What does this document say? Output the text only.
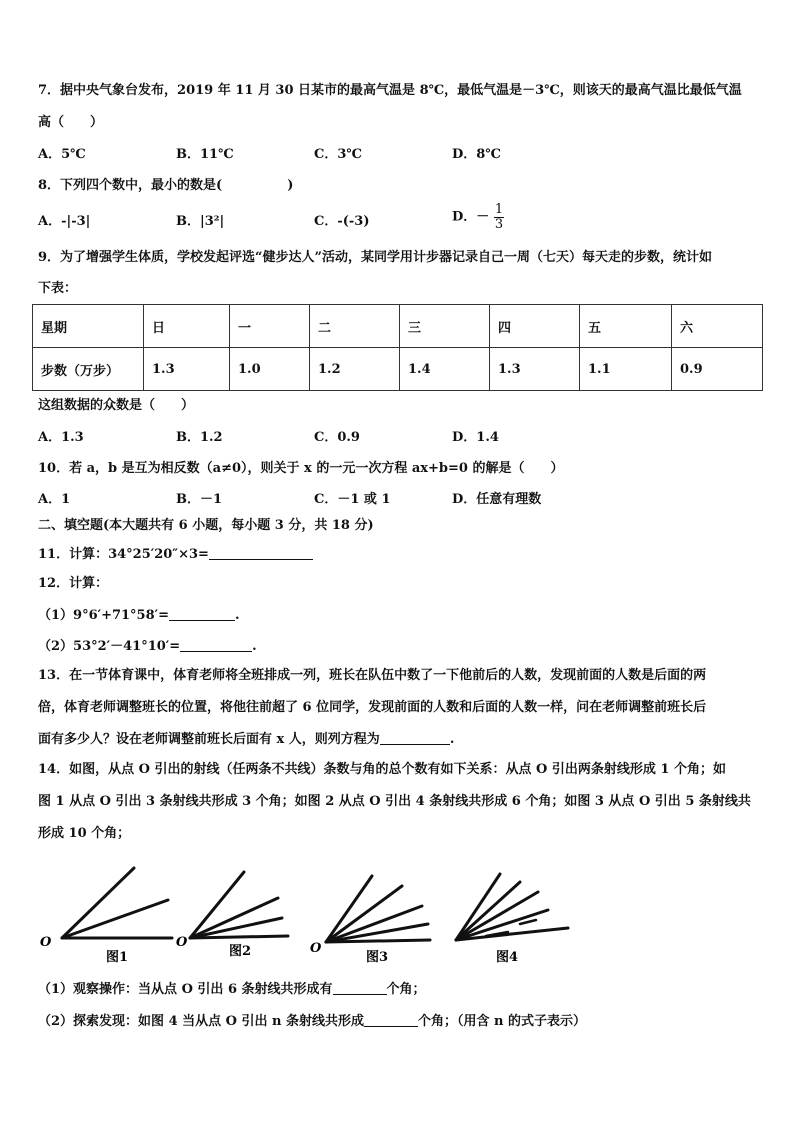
7．据中央气象台发布，2019 年 11 月 30 日某市的最高气温是 8℃，最低气温是－3℃，则该天的最高气温比最低气温
高（　　）
A．5℃	B．11℃	C．3℃	D．8℃
8．下列四个数中，最小的数是(　　　　　)
A．-|-3|	B．|3²|	C．-(-3)	D．－ $\frac{1}{3}$
9．为了增强学生体质，学校发起评选“健步达人”活动，某同学用计步器记录自己一周（七天）每天走的步数，统计如
下表：
星期	日	一	二	三	四	五	六
步数（万步）	1.3	1.0	1.2	1.4	1.3	1.1	0.9
这组数据的众数是（　　）
A．1.3	B．1.2	C．0.9	D．1.4
10．若 a，b 是互为相反数（a≠0），则关于 x 的一元一次方程 ax+b=0 的解是（　　）
A．1	B．－1	C．－1 或 1	D．任意有理数
二、填空题(本大题共有 6 小题，每小题 3 分，共 18 分)
11．计算：34°25′20″×3=
12．计算：
（1）9°6′+71°58′=	.
（2）53°2′－41°10′=	.
13．在一节体育课中，体育老师将全班排成一列，班长在队伍中数了一下他前后的人数，发现前面的人数是后面的两
倍，体育老师调整班长的位置，将他往前超了 6 位同学，发现前面的人数和后面的人数一样，问在老师调整前班长后
面有多少人？设在老师调整前班长后面有 x 人，则列方程为	.
14．如图，从点 O 引出的射线（任两条不共线）条数与角的总个数有如下关系：从点 O 引出两条射线形成 1 个角；如
图 1 从点 O 引出 3 条射线共形成 3 个角；如图 2 从点 O 引出 4 条射线共形成 6 个角；如图 3 从点 O 引出 5 条射线共
形成 10 个角；
O
图1
O
图2	O
图3	图4
（1）观察操作：当从点 O 引出 6 条射线共形成有	个角；
（2）探索发现：如图 4 当从点 O 引出 n 条射线共形成	个角；（用含 n 的式子表示）
